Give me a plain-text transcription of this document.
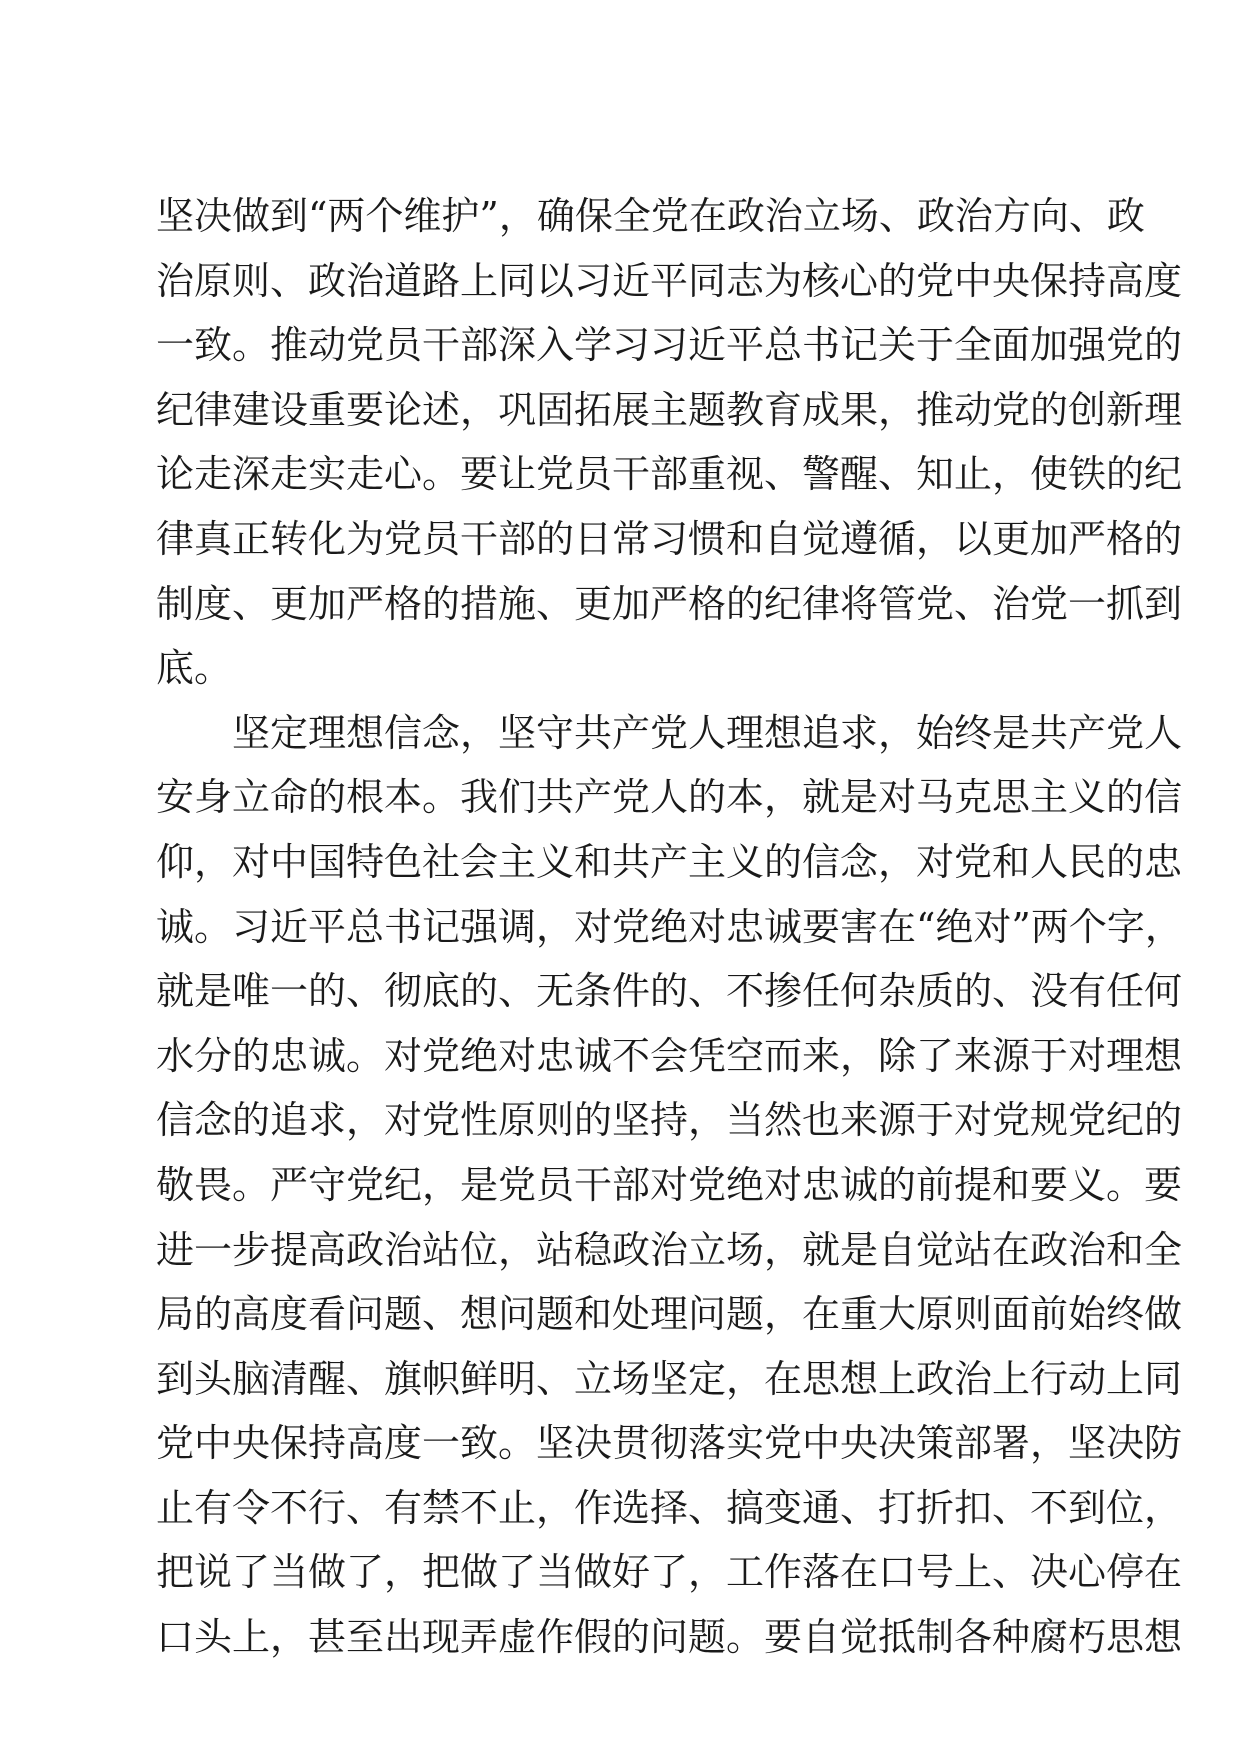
坚决做到“两个维护”，确保全党在政治立场、政治方向、政
治原则、政治道路上同以习近平同志为核心的党中央保持高度
一致。推动党员干部深入学习习近平总书记关于全面加强党的
纪律建设重要论述，巩固拓展主题教育成果，推动党的创新理
论走深走实走心。要让党员干部重视、警醒、知止，使铁的纪
律真正转化为党员干部的日常习惯和自觉遵循，以更加严格的
制度、更加严格的措施、更加严格的纪律将管党、治党一抓到
底。
　　坚定理想信念，坚守共产党人理想追求，始终是共产党人
安身立命的根本。我们共产党人的本，就是对马克思主义的信
仰，对中国特色社会主义和共产主义的信念，对党和人民的忠
诚。习近平总书记强调，对党绝对忠诚要害在“绝对”两个字，
就是唯一的、彻底的、无条件的、不掺任何杂质的、没有任何
水分的忠诚。对党绝对忠诚不会凭空而来，除了来源于对理想
信念的追求，对党性原则的坚持，当然也来源于对党规党纪的
敬畏。严守党纪，是党员干部对党绝对忠诚的前提和要义。要
进一步提高政治站位，站稳政治立场，就是自觉站在政治和全
局的高度看问题、想问题和处理问题，在重大原则面前始终做
到头脑清醒、旗帜鲜明、立场坚定，在思想上政治上行动上同
党中央保持高度一致。坚决贯彻落实党中央决策部署，坚决防
止有令不行、有禁不止，作选择、搞变通、打折扣、不到位，
把说了当做了，把做了当做好了，工作落在口号上、决心停在
口头上，甚至出现弄虚作假的问题。要自觉抵制各种腐朽思想
